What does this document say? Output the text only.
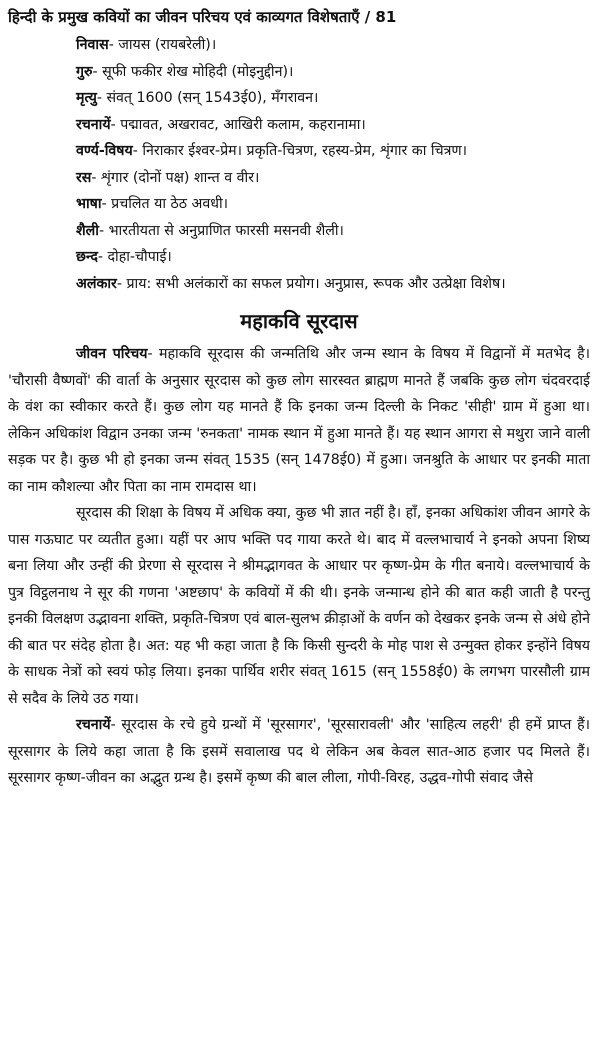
हिन्दी के प्रमुख कवियों का जीवन परिचय एवं काव्यगत विशेषताएँ / 81

निवास- जायस (रायबरेली)।

गुरु- सूफी फकीर शेख मोहिदी (मोइनुद्दीन)।

मृत्यु- संवत् 1600 (सन् 1543ई0), मँगरावन।

रचनायें- पद्मावत, अखरावट, आखिरी कलाम, कहरानामा।

वर्ण्य-विषय- निराकार ईश्वर-प्रेम। प्रकृति-चित्रण, रहस्य-प्रेम, शृंगार का चित्रण।

रस- शृंगार (दोनों पक्ष) शान्त व वीर।

भाषा- प्रचलित या ठेठ अवधी।

शैली- भारतीयता से अनुप्राणित फारसी मसनवी शैली।

छन्द- दोहा-चौपाई।

अलंकार- प्राय: सभी अलंकारों का सफल प्रयोग। अनुप्रास, रूपक और उत्प्रेक्षा विशेष।

महाकवि सूरदास

जीवन परिचय- महाकवि सूरदास की जन्मतिथि और जन्म स्थान के विषय में विद्वानों में मतभेद है। 'चौरासी वैष्णवों' की वार्ता के अनुसार सूरदास को कुछ लोग सारस्वत ब्राह्मण मानते हैं जबकि कुछ लोग चंदवरदाई के वंश का स्वीकार करते हैं। कुछ लोग यह मानते हैं कि इनका जन्म दिल्ली के निकट 'सीही' ग्राम में हुआ था। लेकिन अधिकांश विद्वान उनका जन्म 'रुनकता' नामक स्थान में हुआ मानते हैं। यह स्थान आगरा से मथुरा जाने वाली सड़क पर है। कुछ भी हो इनका जन्म संवत् 1535 (सन् 1478ई0) में हुआ। जनश्रुति के आधार पर इनकी माता का नाम कौशल्या और पिता का नाम रामदास था।

सूरदास की शिक्षा के विषय में अधिक क्या, कुछ भी ज्ञात नहीं है। हाँ, इनका अधिकांश जीवन आगरे के पास गऊघाट पर व्यतीत हुआ। यहीं पर आप भक्ति पद गाया करते थे। बाद में वल्लभाचार्य ने इनको अपना शिष्य बना लिया और उन्हीं की प्रेरणा से सूरदास ने श्रीमद्भागवत के आधार पर कृष्ण-प्रेम के गीत बनाये। वल्लभाचार्य के पुत्र विट्ठलनाथ ने सूर की गणना 'अष्टछाप' के कवियों में की थी। इनके जन्मान्ध होने की बात कही जाती है परन्तु इनकी विलक्षण उद्भावना शक्ति, प्रकृति-चित्रण एवं बाल-सुलभ क्रीड़ाओं के वर्णन को देखकर इनके जन्म से अंधे होने की बात पर संदेह होता है। अत: यह भी कहा जाता है कि किसी सुन्दरी के मोह पाश से उन्मुक्त होकर इन्होंने विषय के साधक नेत्रों को स्वयं फोड़ लिया। इनका पार्थिव शरीर संवत् 1615 (सन् 1558ई0) के लगभग पारसौली ग्राम से सदैव के लिये उठ गया।

रचनायें- सूरदास के रचे हुये ग्रन्थों में 'सूरसागर', 'सूरसारावली' और 'साहित्य लहरी' ही हमें प्राप्त हैं। सूरसागर के लिये कहा जाता है कि इसमें सवालाख पद थे लेकिन अब केवल सात-आठ हजार पद मिलते हैं। सूरसागर कृष्ण-जीवन का अद्भुत ग्रन्थ है। इसमें कृष्ण की बाल लीला, गोपी-विरह, उद्धव-गोपी संवाद जैसे
